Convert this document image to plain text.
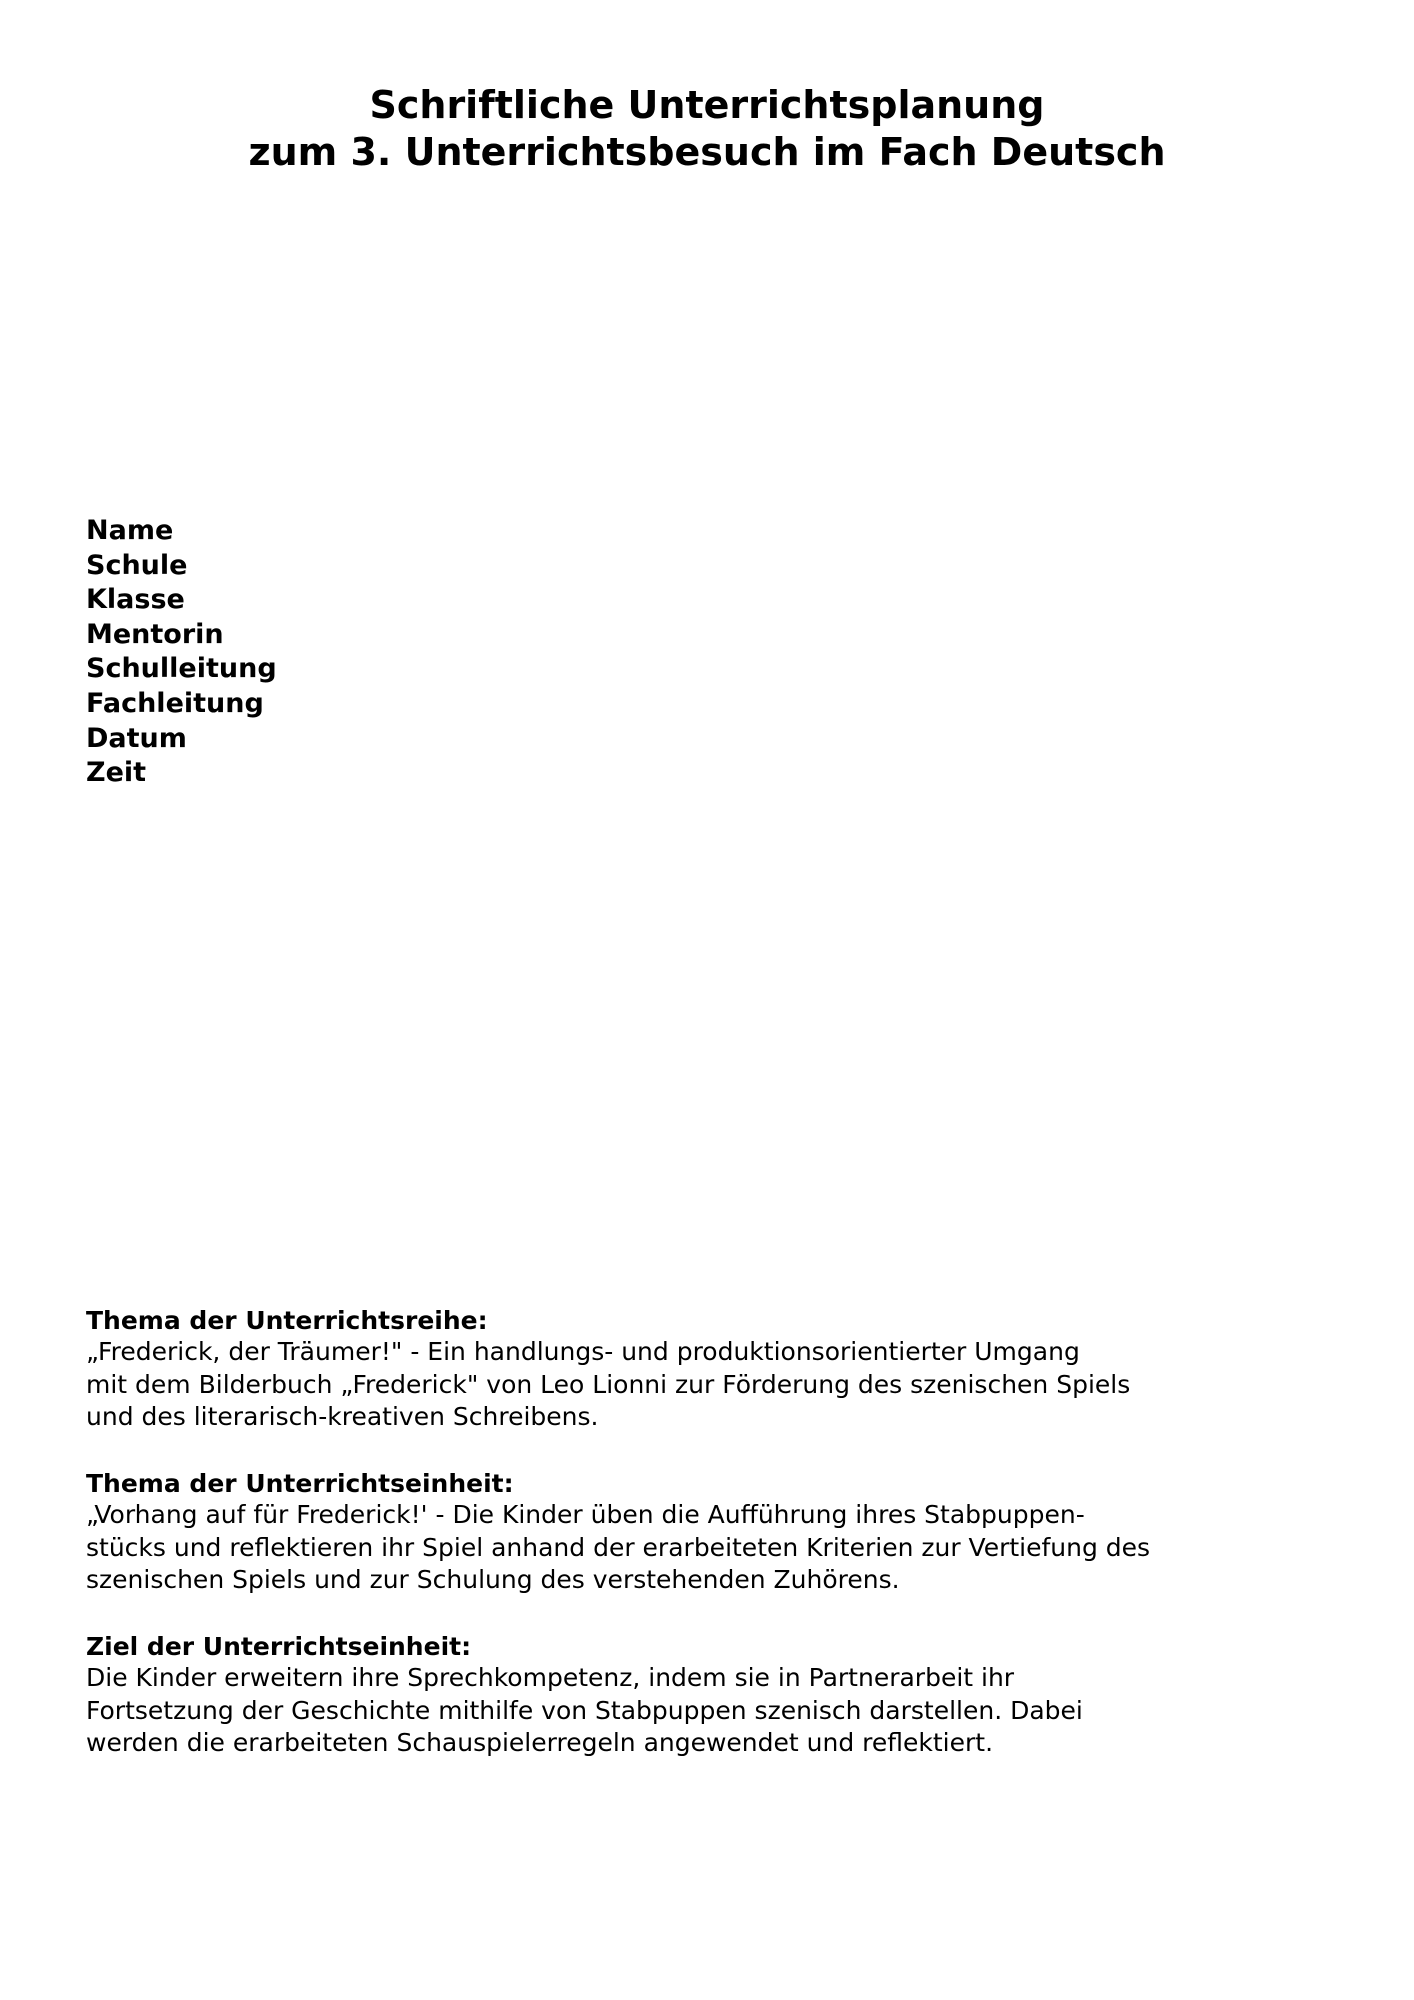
Schriftliche Unterrichtsplanung
zum 3. Unterrichtsbesuch im Fach Deutsch
Name
Schule
Klasse
Mentorin
Schulleitung
Fachleitung
Datum
Zeit
Thema der Unterrichtsreihe:
„Frederick, der Träumer!" - Ein handlungs- und produktionsorientierter Umgang
mit dem Bilderbuch „Frederick" von Leo Lionni zur Förderung des szenischen Spiels
und des literarisch-kreativen Schreibens.
Thema der Unterrichtseinheit:
„Vorhang auf für Frederick!' - Die Kinder üben die Aufführung ihres Stabpuppen-
stücks und reflektieren ihr Spiel anhand der erarbeiteten Kriterien zur Vertiefung des
szenischen Spiels und zur Schulung des verstehenden Zuhörens.
Ziel der Unterrichtseinheit:
Die Kinder erweitern ihre Sprechkompetenz, indem sie in Partnerarbeit ihr
Fortsetzung der Geschichte mithilfe von Stabpuppen szenisch darstellen. Dabei
werden die erarbeiteten Schauspielerregeln angewendet und reflektiert.
